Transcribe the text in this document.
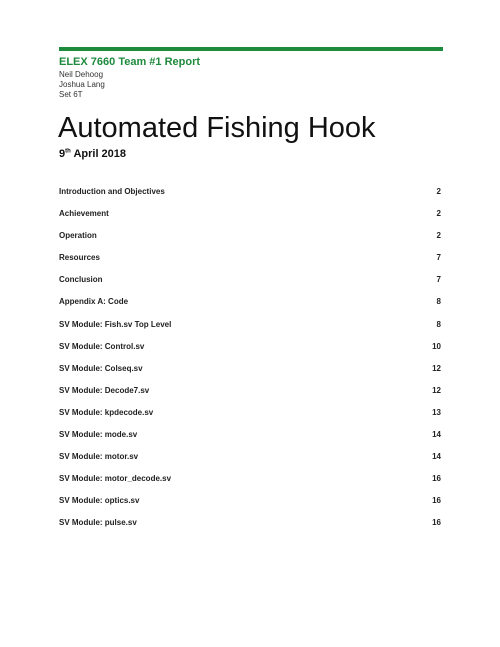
ELEX 7660 Team #1 Report
Neil Dehoog
Joshua Lang
Set 6T
Automated Fishing Hook
9th April 2018
Introduction and Objectives	2
Achievement	2
Operation	2
Resources	7
Conclusion	7
Appendix A: Code	8
SV Module: Fish.sv Top Level	8
SV Module: Control.sv	10
SV Module: Colseq.sv	12
SV Module: Decode7.sv	12
SV Module: kpdecode.sv	13
SV Module: mode.sv	14
SV Module: motor.sv	14
SV Module: motor_decode.sv	16
SV Module: optics.sv	16
SV Module: pulse.sv	16
